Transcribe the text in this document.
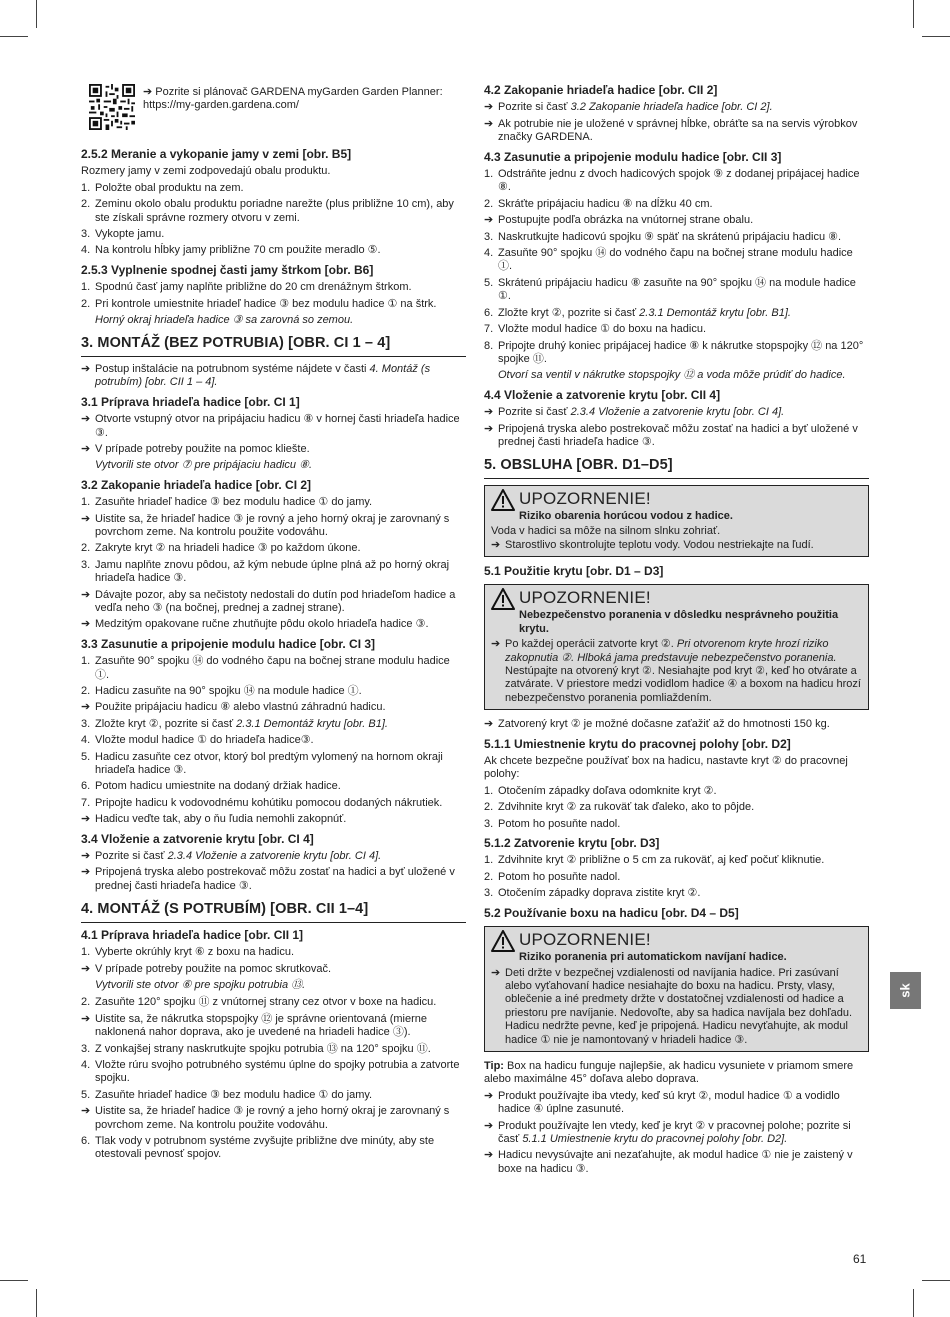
➔ Pozrite si plánovač GARDENA myGarden Garden Planner: https://my-garden.gardena.com/
2.5.2 Meranie a vykopanie jamy v zemi [obr. B5]
Rozmery jamy v zemi zodpovedajú obalu produktu.
1. Položte obal produktu na zem.
2. Zeminu okolo obalu produktu poriadne narežte (plus približne 10 cm), aby ste získali správne rozmery otvoru v zemi.
3. Vykopte jamu.
4. Na kontrolu hĺbky jamy približne 70 cm použite meradlo ⑤.
2.5.3 Vyplnenie spodnej časti jamy štrkom [obr. B6]
1. Spodnú časť jamy naplňte približne do 20 cm drenážnym štrkom.
2. Pri kontrole umiestnite hriadeľ hadice ③ bez modulu hadice ① na štrk.
Horný okraj hriadeľa hadice ③ sa zarovná so zemou.
3. MONTÁŽ (BEZ POTRUBIA) [OBR. CI 1 – 4]
➔ Postup inštalácie na potrubnom systéme nájdete v časti 4. Montáž (s potrubím) [obr. CII 1 – 4].
3.1 Príprava hriadeľa hadice [obr. CI 1]
➔ Otvorte vstupný otvor na pripájaciu hadicu ⑧ v hornej časti hriadeľa hadice ③.
➔ V prípade potreby použite na pomoc kliešte.
Vytvorili ste otvor ⑦ pre pripájaciu hadicu ⑧.
3.2 Zakopanie hriadeľa hadice [obr. CI 2]
1. Zasuňte hriadeľ hadice ③ bez modulu hadice ① do jamy.
➔ Uistite sa, že hriadeľ hadice ③ je rovný a jeho horný okraj je zarovnaný s povrchom zeme. Na kontrolu použite vodováhu.
2. Zakryte kryt ② na hriadeli hadice ③ po každom úkone.
3. Jamu naplňte znovu pôdou, až kým nebude úplne plná až po horný okraj hriadeľa hadice ③.
➔ Dávajte pozor, aby sa nečistoty nedostali do dutín pod hriadeľom hadice a vedľa neho ③ (na bočnej, prednej a zadnej strane).
➔ Medzitým opakovane ručne zhutňujte pôdu okolo hriadeľa hadice ③.
3.3 Zasunutie a pripojenie modulu hadice [obr. CI 3]
1. Zasuňte 90° spojku ⑭ do vodného čapu na bočnej strane modulu hadice ①.
2. Hadicu zasuňte na 90° spojku ⑭ na module hadice ①.
➔ Použite pripájaciu hadicu ⑧ alebo vlastnú záhradnú hadicu.
3. Zložte kryt ②, pozrite si časť 2.3.1 Demontáž krytu [obr. B1].
4. Vložte modul hadice ① do hriadeľa hadice③.
5. Hadicu zasuňte cez otvor, ktorý bol predtým vylomený na hornom okraji hriadeľa hadice ③.
6. Potom hadicu umiestnite na dodaný držiak hadice.
7. Pripojte hadicu k vodovodnému kohútiku pomocou dodaných nákrutiek.
➔ Hadicu veďte tak, aby o ňu ľudia nemohli zakopnúť.
3.4 Vloženie a zatvorenie krytu [obr. CI 4]
➔ Pozrite si časť 2.3.4 Vloženie a zatvorenie krytu [obr. CI 4].
➔ Pripojená tryska alebo postrekovač môžu zostať na hadici a byť uložené v prednej časti hriadeľa hadice ③.
4. MONTÁŽ (S POTRUBÍM) [OBR. CII 1–4]
4.1 Príprava hriadeľa hadice [obr. CII 1]
1. Vyberte okrúhly kryt ⑥ z boxu na hadicu.
➔ V prípade potreby použite na pomoc skrutkovač.
Vytvorili ste otvor ⑥ pre spojku potrubia ⑬.
2. Zasuňte 120° spojku ⑪ z vnútornej strany cez otvor v boxe na hadicu.
➔ Uistite sa, že nákrutka stopspojky ⑫ je správne orientovaná (mierne naklonená nahor doprava, ako je uvedené na hriadeli hadice ③).
3. Z vonkajšej strany naskrutkujte spojku potrubia ⑬ na 120° spojku ⑪.
4. Vložte rúru svojho potrubného systému úplne do spojky potrubia a zatvorte spojku.
5. Zasuňte hriadeľ hadice ③ bez modulu hadice ① do jamy.
➔ Uistite sa, že hriadeľ hadice ③ je rovný a jeho horný okraj je zarovnaný s povrchom zeme. Na kontrolu použite vodováhu.
6. Tlak vody v potrubnom systéme zvyšujte približne dve minúty, aby ste otestovali pevnosť spojov.
4.2 Zakopanie hriadeľa hadice [obr. CII 2]
➔ Pozrite si časť 3.2 Zakopanie hriadeľa hadice [obr. CI 2].
➔ Ak potrubie nie je uložené v správnej hĺbke, obráťte sa na servis výrobkov značky GARDENA.
4.3 Zasunutie a pripojenie modulu hadice [obr. CII 3]
1. Odstráňte jednu z dvoch hadicových spojok ⑨ z dodanej pripájacej hadice ⑧.
2. Skráťte pripájaciu hadicu ⑧ na dĺžku 40 cm.
➔ Postupujte podľa obrázka na vnútornej strane obalu.
3. Naskrutkujte hadicovú spojku ⑨ späť na skrátenú pripájaciu hadicu ⑧.
4. Zasuňte 90° spojku ⑭ do vodného čapu na bočnej strane modulu hadice ①.
5. Skrátenú pripájaciu hadicu ⑧ zasuňte na 90° spojku ⑭ na module hadice ①.
6. Zložte kryt ②, pozrite si časť 2.3.1 Demontáž krytu [obr. B1].
7. Vložte modul hadice ① do boxu na hadicu.
8. Pripojte druhý koniec pripájacej hadice ⑧ k nákrutke stopspojky ⑫ na 120° spojke ⑪.
Otvorí sa ventil v nákrutke stopspojky ⑫ a voda môže prúdiť do hadice.
4.4 Vloženie a zatvorenie krytu [obr. CII 4]
➔ Pozrite si časť 2.3.4 Vloženie a zatvorenie krytu [obr. CI 4].
➔ Pripojená tryska alebo postrekovač môžu zostať na hadici a byť uložené v prednej časti hriadeľa hadice ③.
5. OBSLUHA [OBR. D1–D5]
UPOZORNENIE!
Riziko obarenia horúcou vodou z hadice.
Voda v hadici sa môže na silnom slnku zohriať.
➔ Starostlivo skontrolujte teplotu vody. Vodou nestriekajte na ľudí.
5.1 Použitie krytu [obr. D1 – D3]
UPOZORNENIE!
Nebezpečenstvo poranenia v dôsledku nesprávneho použitia krytu.
➔ Po každej operácii zatvorte kryt ②. Pri otvorenom kryte hrozí riziko zakopnutia ②. Hlboká jama predstavuje nebezpečenstvo poranenia. Nestúpajte na otvorený kryt ②. Nesiahajte pod kryt ②, keď ho otvárate a zatvárate. V priestore medzi vodidlom hadice ④ a boxom na hadicu hrozí nebezpečenstvo poranenia pomliaždením.
➔ Zatvorený kryt ② je možné dočasne zaťažiť až do hmotnosti 150 kg.
5.1.1 Umiestnenie krytu do pracovnej polohy [obr. D2]
Ak chcete bezpečne používať box na hadicu, nastavte kryt ② do pracovnej polohy:
1. Otočením západky doľava odomknite kryt ②.
2. Zdvihnite kryt ② za rukoväť tak ďaleko, ako to pôjde.
3. Potom ho posuňte nadol.
5.1.2 Zatvorenie krytu [obr. D3]
1. Zdvihnite kryt ② približne o 5 cm za rukoväť, aj keď počuť kliknutie.
2. Potom ho posuňte nadol.
3. Otočením západky doprava zistite kryt ②.
5.2 Používanie boxu na hadicu [obr. D4 – D5]
UPOZORNENIE!
Riziko poranenia pri automatickom navíjaní hadice.
➔ Deti držte v bezpečnej vzdialenosti od navíjania hadice. Pri zasúvaní alebo vyťahovaní hadice nesiahajte do boxu na hadicu. Prsty, vlasy, oblečenie a iné predmety držte v dostatočnej vzdialenosti od hadice a priestoru pre navíjanie. Nedovoľte, aby sa hadica navíjala bez dohľadu. Hadicu nedržte pevne, keď je pripojená. Hadicu nevyťahujte, ak modul hadice ① nie je namontovaný v hriadeli hadice ③.
Tip: Box na hadicu funguje najlepšie, ak hadicu vysuniete v priamom smere alebo maximálne 45° doľava alebo doprava.
➔ Produkt používajte iba vtedy, keď sú kryt ②, modul hadice ① a vodidlo hadice ④ úplne zasunuté.
➔ Produkt používajte len vtedy, keď je kryt ② v pracovnej polohe; pozrite si časť 5.1.1 Umiestnenie krytu do pracovnej polohy [obr. D2].
➔ Hadicu nevysúvajte ani nezaťahujte, ak modul hadice ① nie je zaistený v boxe na hadicu ③.
sk
61
